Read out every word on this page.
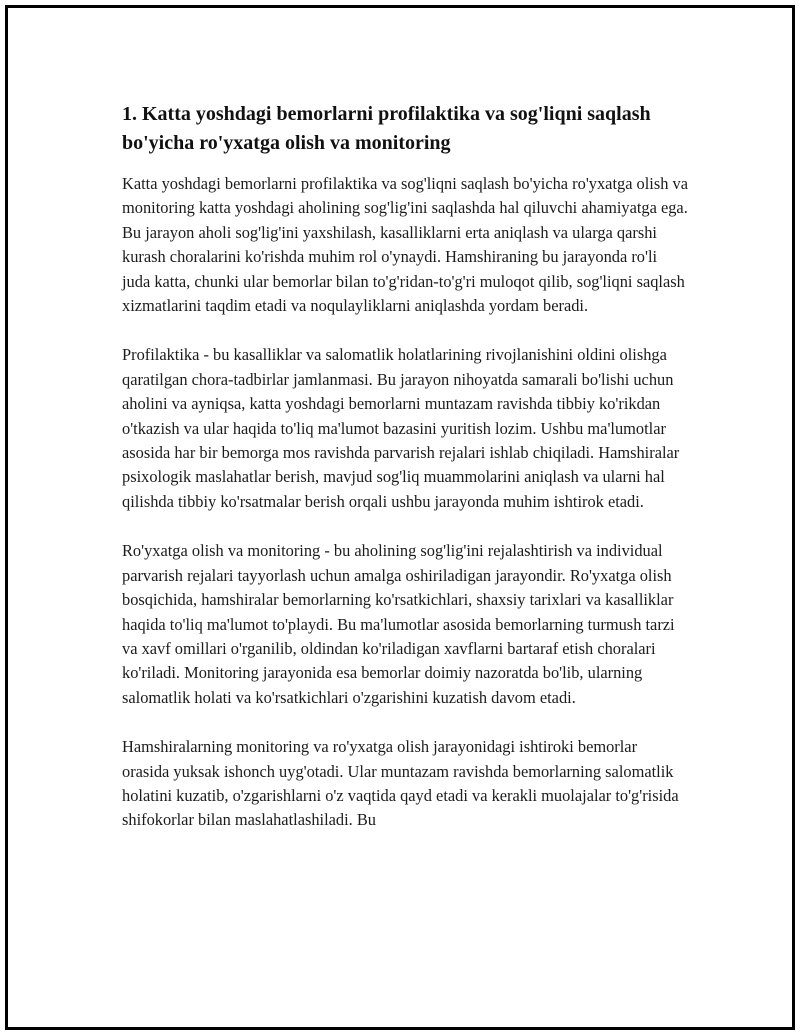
1. Katta yoshdagi bemorlarni profilaktika va sog'liqni saqlash bo'yicha ro'yxatga olish va monitoring

Katta yoshdagi bemorlarni profilaktika va sog'liqni saqlash bo'yicha ro'yxatga olish va monitoring katta yoshdagi aholining sog'lig'ini saqlashda hal qiluvchi ahamiyatga ega. Bu jarayon aholi sog'lig'ini yaxshilash, kasalliklarni erta aniqlash va ularga qarshi kurash choralarini ko'rishda muhim rol o'ynaydi. Hamshiraning bu jarayonda ro'li juda katta, chunki ular bemorlar bilan to'g'ridan-to'g'ri muloqot qilib, sog'liqni saqlash xizmatlarini taqdim etadi va noqulayliklarni aniqlashda yordam beradi.

Profilaktika - bu kasalliklar va salomatlik holatlarining rivojlanishini oldini olishga qaratilgan chora-tadbirlar jamlanmasi. Bu jarayon nihoyatda samarali bo'lishi uchun aholini va ayniqsa, katta yoshdagi bemorlarni muntazam ravishda tibbiy ko'rikdan o'tkazish va ular haqida to'liq ma'lumot bazasini yuritish lozim. Ushbu ma'lumotlar asosida har bir bemorga mos ravishda parvarish rejalari ishlab chiqiladi. Hamshiralar psixologik maslahatlar berish, mavjud sog'liq muammolarini aniqlash va ularni hal qilishda tibbiy ko'rsatmalar berish orqali ushbu jarayonda muhim ishtirok etadi.

Ro'yxatga olish va monitoring - bu aholining sog'lig'ini rejalashtirish va individual parvarish rejalari tayyorlash uchun amalga oshiriladigan jarayondir. Ro'yxatga olish bosqichida, hamshiralar bemorlarning ko'rsatkichlari, shaxsiy tarixlari va kasalliklar haqida to'liq ma'lumot to'playdi. Bu ma'lumotlar asosida bemorlarning turmush tarzi va xavf omillari o'rganilib, oldindan ko'riladigan xavflarni bartaraf etish choralari ko'riladi. Monitoring jarayonida esa bemorlar doimiy nazoratda bo'lib, ularning salomatlik holati va ko'rsatkichlari o'zgarishini kuzatish davom etadi.

Hamshiralarning monitoring va ro'yxatga olish jarayonidagi ishtiroki bemorlar orasida yuksak ishonch uyg'otadi. Ular muntazam ravishda bemorlarning salomatlik holatini kuzatib, o'zgarishlarni o'z vaqtida qayd etadi va kerakli muolajalar to'g'risida shifokorlar bilan maslahatlashiladi. Bu
